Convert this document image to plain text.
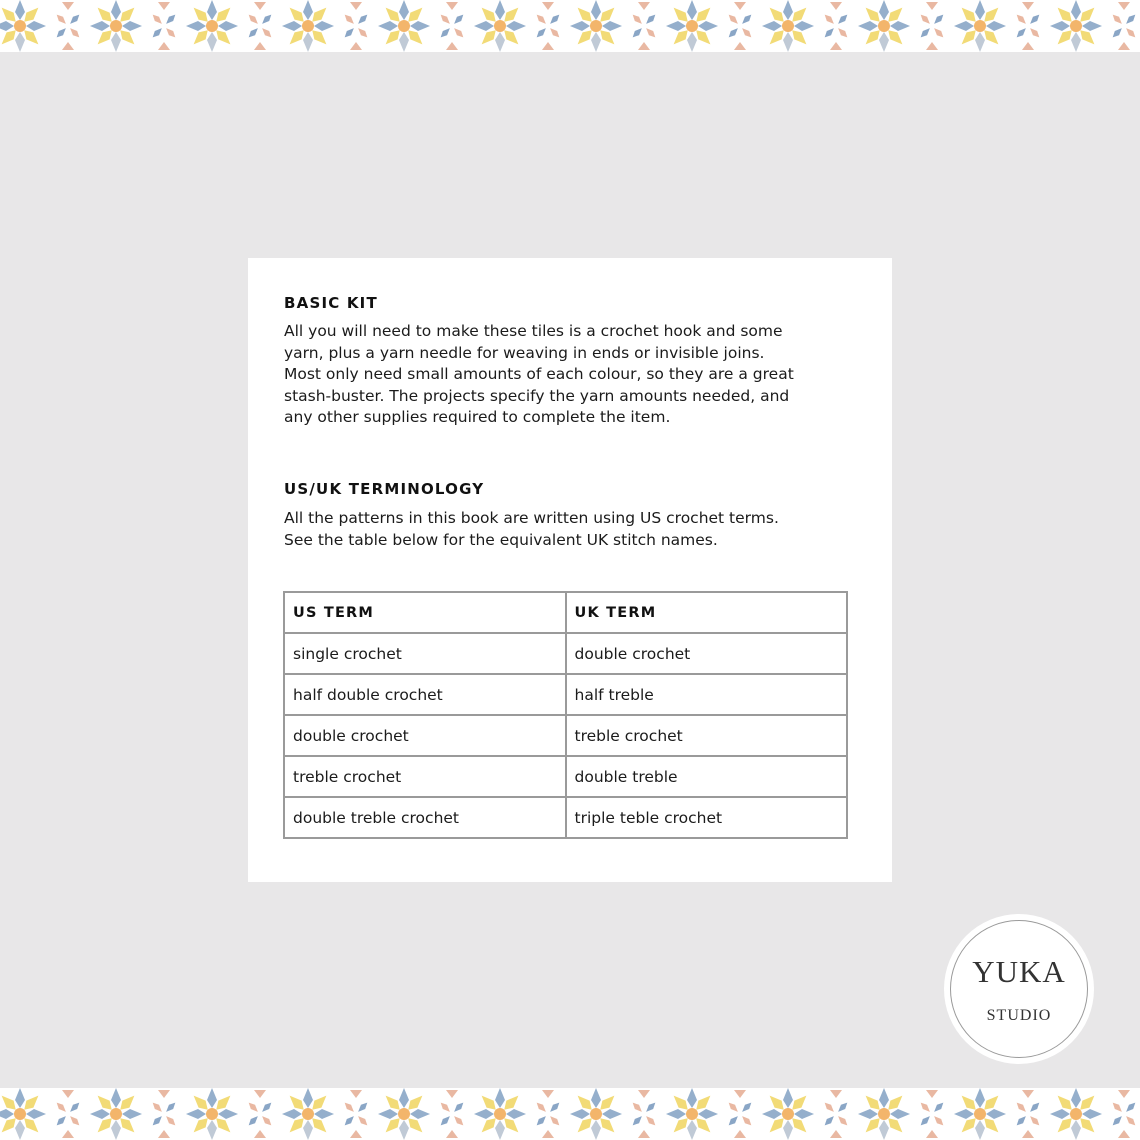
BASIC KIT
All you will need to make these tiles is a crochet hook and some
yarn, plus a yarn needle for weaving in ends or invisible joins.
Most only need small amounts of each colour, so they are a great
stash-buster. The projects specify the yarn amounts needed, and
any other supplies required to complete the item.
US/UK TERMINOLOGY
All the patterns in this book are written using US crochet terms.
See the table below for the equivalent UK stitch names.
US TERM	UK TERM
single crochet	double crochet
half double crochet	half treble
double crochet	treble crochet
treble crochet	double treble
double treble crochet	triple teble crochet
YUKA
STUDIO
